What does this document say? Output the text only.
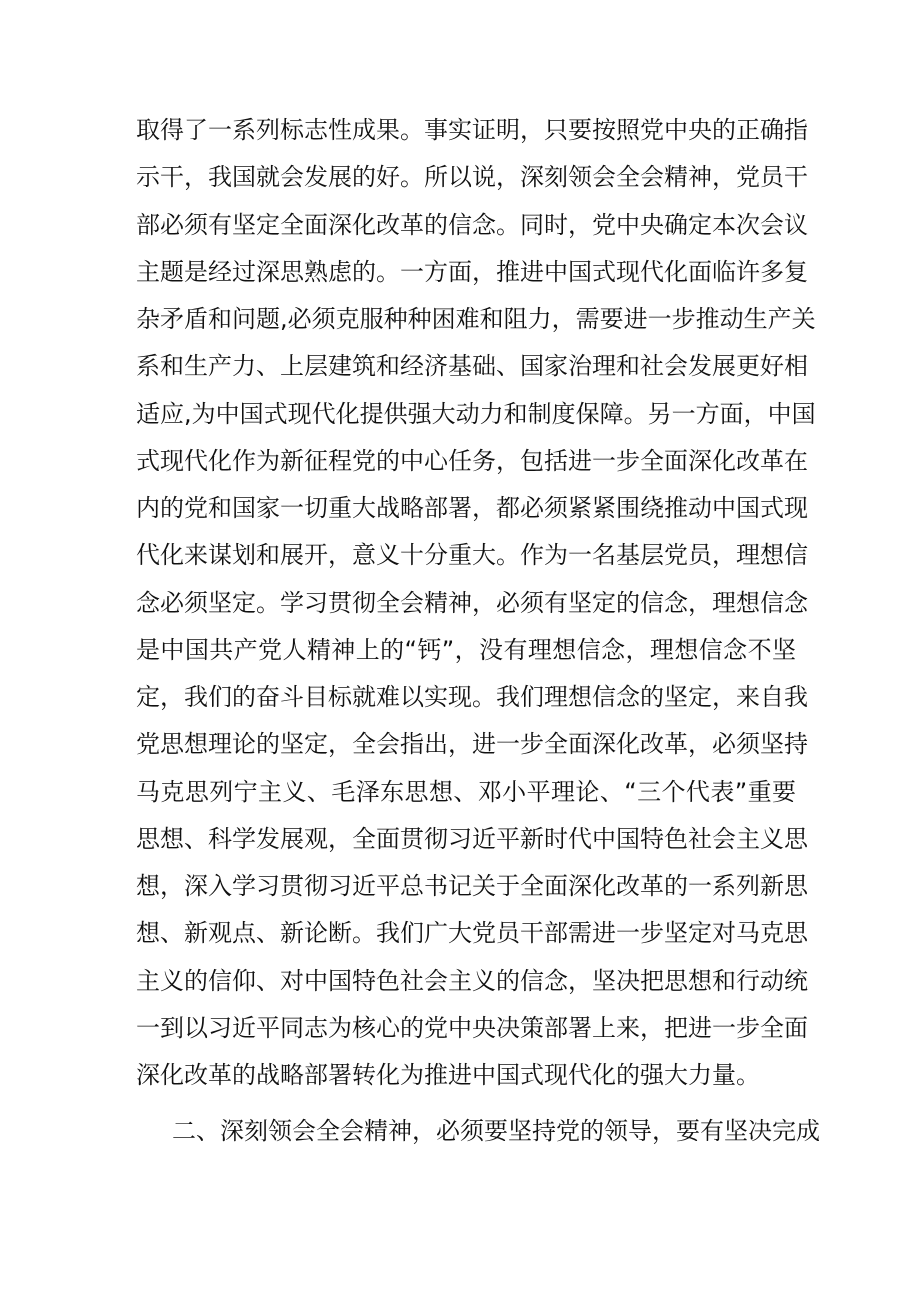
取得了一系列标志性成果。事实证明，只要按照党中央的正确指
示干，我国就会发展的好。所以说，深刻领会全会精神，党员干
部必须有坚定全面深化改革的信念。同时，党中央确定本次会议
主题是经过深思熟虑的。一方面，推进中国式现代化面临许多复
杂矛盾和问题,必须克服种种困难和阻力，需要进一步推动生产关
系和生产力、上层建筑和经济基础、国家治理和社会发展更好相
适应,为中国式现代化提供强大动力和制度保障。另一方面，中国
式现代化作为新征程党的中心任务，包括进一步全面深化改革在
内的党和国家一切重大战略部署，都必须紧紧围绕推动中国式现
代化来谋划和展开，意义十分重大。作为一名基层党员，理想信
念必须坚定。学习贯彻全会精神，必须有坚定的信念，理想信念
是中国共产党人精神上的“钙”，没有理想信念，理想信念不坚
定，我们的奋斗目标就难以实现。我们理想信念的坚定，来自我
党思想理论的坚定，全会指出，进一步全面深化改革，必须坚持
马克思列宁主义、毛泽东思想、邓小平理论、“三个代表”重要
思想、科学发展观，全面贯彻习近平新时代中国特色社会主义思
想，深入学习贯彻习近平总书记关于全面深化改革的一系列新思
想、新观点、新论断。我们广大党员干部需进一步坚定对马克思
主义的信仰、对中国特色社会主义的信念，坚决把思想和行动统
一到以习近平同志为核心的党中央决策部署上来，把进一步全面
深化改革的战略部署转化为推进中国式现代化的强大力量。
二、深刻领会全会精神，必须要坚持党的领导，要有坚决完成
